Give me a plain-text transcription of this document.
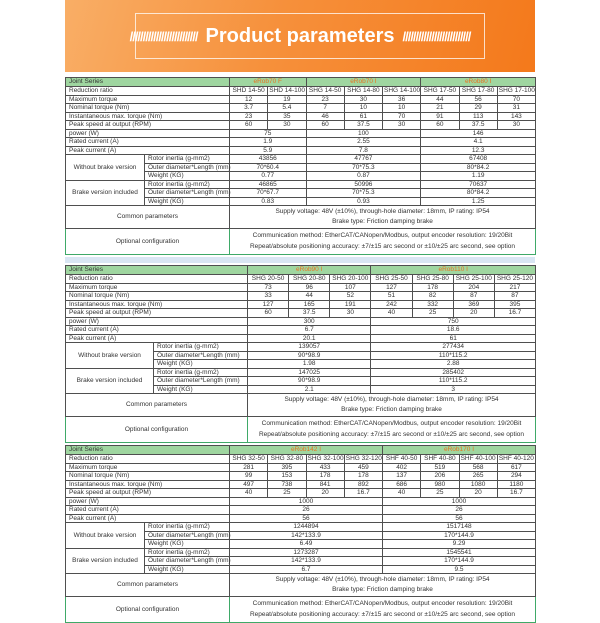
////////////////////////// Product parameters //////////////////////////
Joint Series		eRob70 F		eRob70 I			eRob80 I		
Reduction ratio		SHD 14-50	SHD 14-100	SHG 14-50	SHG 14-80	SHG 14-100	SHG 17-50	SHG 17-80	SHG 17-100
Maximum torque		12	19	23	30	36	44	56	70
Nominal torque (Nm)		3.7	5.4	7	10	10	21	29	31
Instantaneous max. torque (Nm)		23	35	46	61	70	91	113	143
Peak speed at output (RPM)		60	30	60	37.5	30	60	37.5	30
power (W)		75		100			146		
Rated current (A)		1.9		2.55			4.1		
Peak current (A)		5.9		7.8			12.3		
Without brake version	Rotor inertia (g-mm2)	43856		47767			67408		
	Outer diameter*Length (mm)	70*60.4		70*75.3			80*84.2		
	Weight (KG)	0.77		0.87			1.19		
Brake version included	Rotor inertia (g-mm2)	46865		50996			70637		
	Outer diameter*Length (mm)	70*67.7		70*75.3			80*84.2		
	Weight (KG)	0.83		0.93			1.25		
Common parameters		Supply voltage: 48V (±10%), through-hole diameter: 18mm, IP rating: IP54
Brake type: Friction damping brake							

Optional configuration		Communication method: EtherCAT/CANopen/Modbus, output encoder resolution: 19/20Bit
Repeat/absolute positioning accuracy: ±7/±15 arc second or ±10/±25 arc second, see option							
Joint Series		eRob90 I			eRob110 I			
Reduction ratio		SHG 20-50	SHG 20-80	SHG 20-100	SHG 25-50	SHG 25-80	SHG 25-100	SHG 25-120
Maximum torque		73	96	107	127	178	204	217
Nominal torque (Nm)		33	44	52	51	82	87	87
Instantaneous max. torque (Nm)		127	165	191	242	332	369	395
Peak speed at output (RPM)		60	37.5	30	40	25	20	16.7
power (W)		300			750			
Rated current (A)		6.7			18.6			
Peak current (A)		20.1			61			
Without brake version	Rotor inertia (g-mm2)	139057			277434			
	Outer diameter*Length (mm)	90*98.9			110*115.2			
	Weight (KG)	1.98			2.88			
Brake version included	Rotor inertia (g-mm2)	147025			285402			
	Outer diameter*Length (mm)	90*98.9			110*115.2			
	Weight (KG)	2.1			3			
Common parameters		Supply voltage: 48V (±10%), through-hole diameter: 18mm, IP rating: IP54
Brake type: Friction damping brake						

Optional configuration		Communication method: EtherCAT/CANopen/Modbus, output encoder resolution: 19/20Bit
Repeat/absolute positioning accuracy: ±7/±15 arc second or ±10/±25 arc second, see option						
Joint Series		eRob142 I				eRob170 I			
Reduction ratio		SHG 32-50	SHG 32-80	SHG 32-100	SHG 32-120	SHF 40-50	SHF 40-80	SHF 40-100	SHF 40-120
Maximum torque		281	395	433	459	402	519	568	617
Nominal torque (Nm)		99	153	178	178	137	206	265	294
Instantaneous max. torque (Nm)		497	738	841	892	686	980	1080	1180
Peak speed at output (RPM)		40	25	20	16.7	40	25	20	16.7
power (W)		1000				1000			
Rated current (A)		26				26			
Peak current (A)		56				56			
Without brake version	Rotor inertia (g-mm2)	1244894				1517148			
	Outer diameter*Length (mm)	142*133.9				170*144.9			
	Weight (KG)	6.49				9.29			
Brake version included	Rotor inertia (g-mm2)	1273287				1545541			
	Outer diameter*Length (mm)	142*133.9				170*144.9			
	Weight (KG)	6.7				9.5			
Common parameters		Supply voltage: 48V (±10%), through-hole diameter: 18mm, IP rating: IP54
Brake type: Friction damping brake							

Optional configuration		Communication method: EtherCAT/CANopen/Modbus, output encoder resolution: 19/20Bit
Repeat/absolute positioning accuracy: ±7/±15 arc second or ±10/±25 arc second, see option							
